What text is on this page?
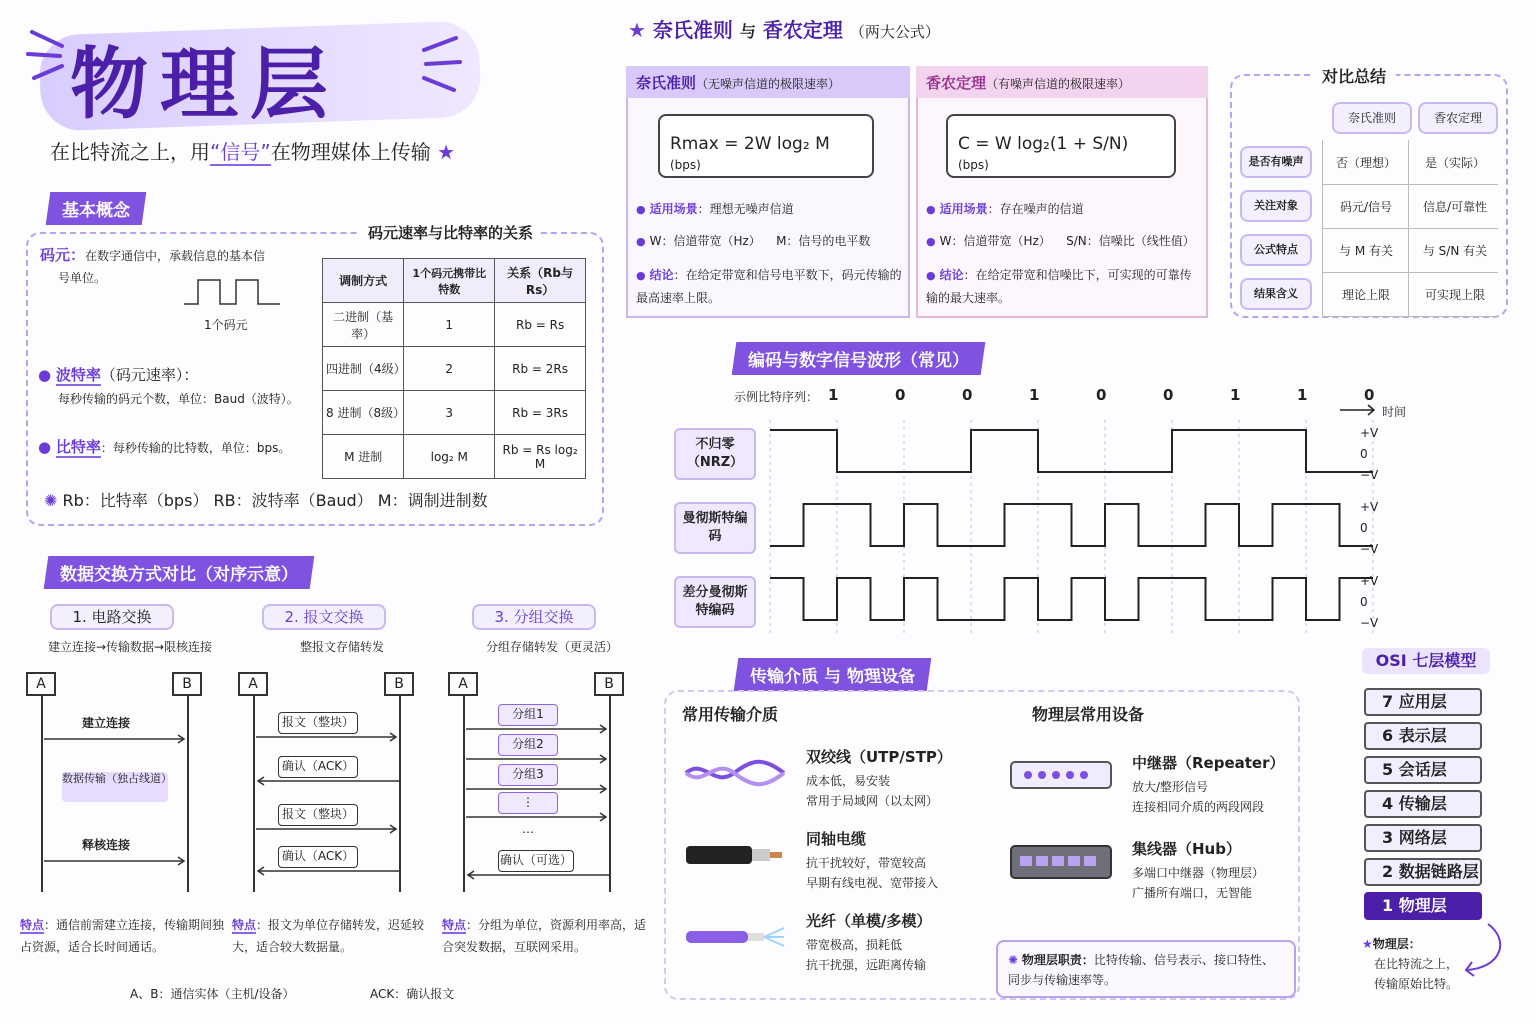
物理层
在比特流之上，用“信号”在物理媒体上传输 ★
基本概念
码元：在数字通信中，承载信息的基本信
号单位。
1个码元
● 波特率（码元速率）：
每秒传输的码元个数，单位：Baud（波特）。
● 比特率：每秒传输的比特数，单位：bps。
✺ Rb：比特率（bps） RB：波特率（Baud） M：调制进制数
码元速率与比特率的关系
调制方式	1个码元携带比特数	关系（Rb与Rs）
二进制（基率）	1	Rb = Rs
四进制（4级）	2	Rb = 2Rs
8 进制（8级）	3	Rb = 3Rs
M 进制	log₂ M	Rb = Rs log₂ M
数据交换方式对比（对序示意）
1. 电路交换
建立连接→传输数据→限核连接
A	B
建立连接
释核连接
数据传输（独占线道）
特点：通信前需建立连接，传输期间独占资源，适合长时间通话。
2. 报文交换
整报文存储转发
A	B
报文（整块）
确认（ACK）
报文（整块）
确认（ACK）
特点：报文为单位存储转发，迟延较大，适合较大数据量。
3. 分组交换
分组存储转发（更灵活）
A	B
分组1
分组2
分组3
⋮
…
确认（可选）
特点：分组为单位，资源利用率高，适合突发数据，互联网采用。
A、B：通信实体（主机/设备）	ACK：确认报文
★ 奈氏准则 与 香农定理 （两大公式）
奈氏准则（无噪声信道的极限速率）
Rmax = 2W log₂ M (bps)
● 适用场景：理想无噪声信道
● W：信道带宽（Hz） M：信号的电平数
● 结论：在给定带宽和信号电平数下，码元传输的最高速率上限。
香农定理（有噪声信道的极限速率）
C = W log₂(1 + S/N) (bps)
● 适用场景：存在噪声的信道
● W：信道带宽（Hz） S/N：信噪比（线性值）
● 结论：在给定带宽和信噪比下，可实现的可靠传输的最大速率。
对比总结
奈氏准则	香农定理
是否有噪声	否（理想）	是（实际）
关注对象	码元/信号	信息/可靠性
公式特点	与 M 有关	与 S/N 有关
结果含义	理论上限	可实现上限
编码与数字信号波形（常见）
示例比特序列： 1	0	0	1	0	0	1	1	0
时间
传输介质 与 物理设备
常用传输介质
双绞线（UTP/STP）
成本低，易安装
常用于局域网（以太网）
同轴电缆
抗干扰较好，带宽较高
早期有线电视、宽带接入
光纤（单模/多模）
带宽极高，损耗低
抗干扰强，远距离传输
物理层常用设备
中继器（Repeater）
放大/整形信号
连接相同介质的两段网段
集线器（Hub）
多端口中继器（物理层）
广播所有端口，无智能
✺ 物理层职责：比特传输、信号表示、接口特性、同步与传输速率等。
OSI 七层模型
7 应用层
6 表示层
5 会话层
4 传输层
3 网络层
2 数据链路层
1 物理层
★物理层：
在比特流之上，
传输原始比特。
不归零（NRZ）
+V
0
−V
曼彻斯特编码
+V
0
−V
差分曼彻斯特编码
+V
0
−V
